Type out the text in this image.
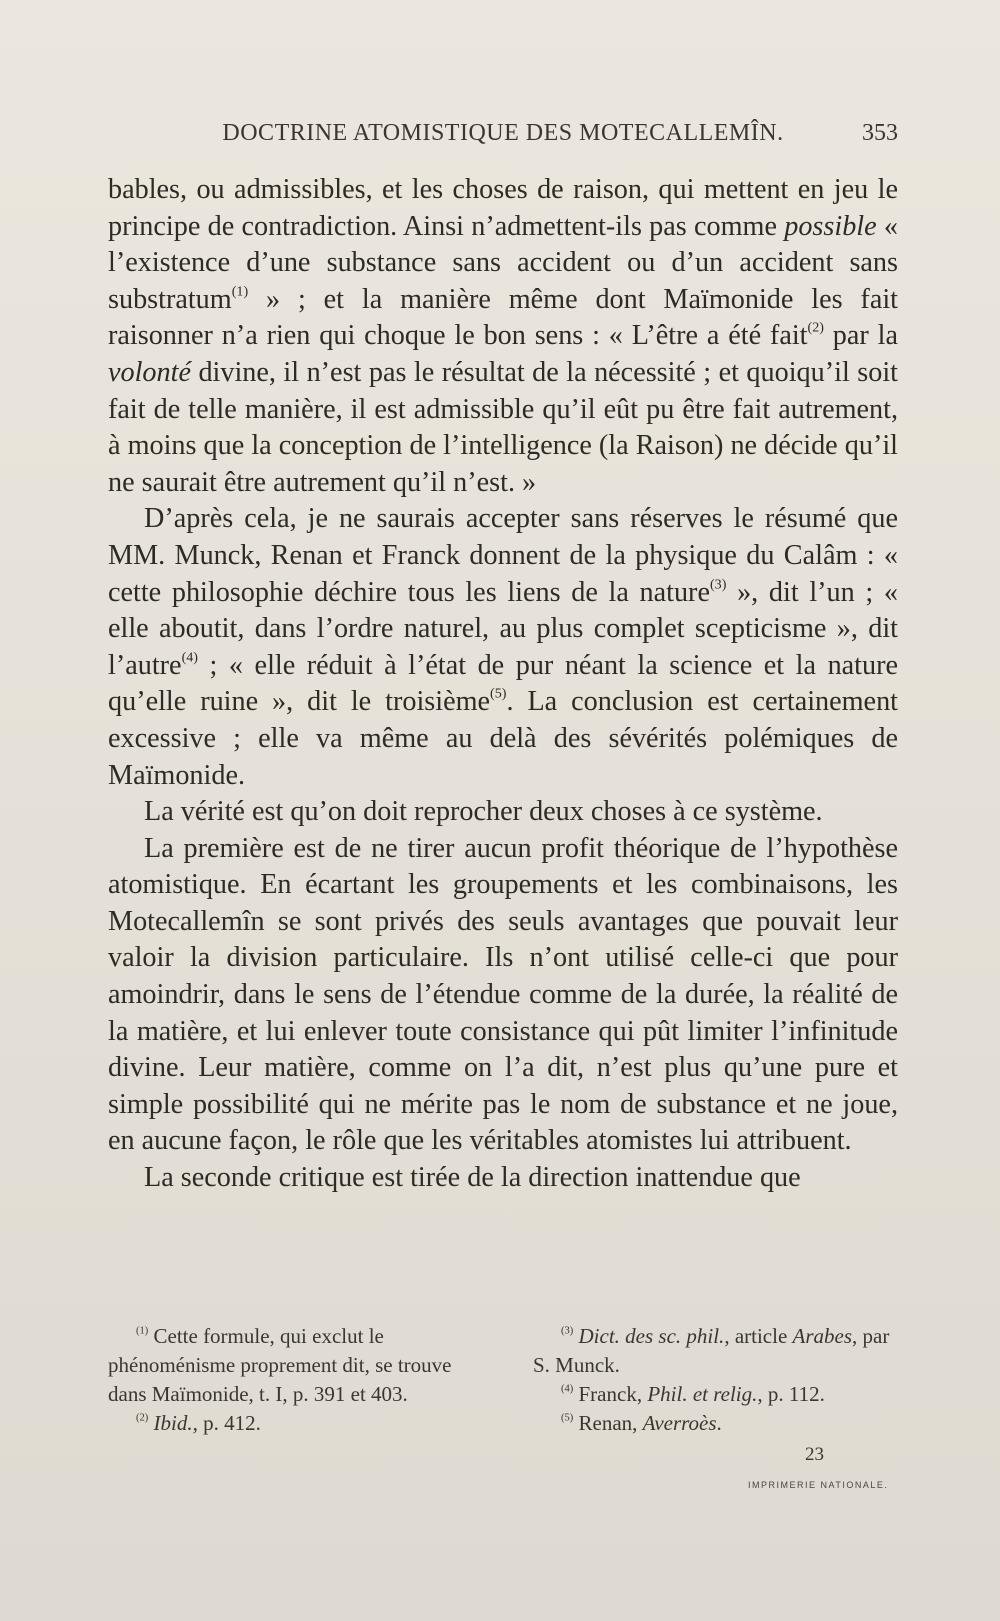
DOCTRINE ATOMISTIQUE DES MOTECALLEMÎN.	353

bables, ou admissibles, et les choses de raison, qui mettent en jeu le principe de contradiction. Ainsi n’admettent-ils pas comme possible « l’existence d’une substance sans accident ou d’un accident sans substratum$^{(1)}$ » ; et la manière même dont Maïmonide les fait raisonner n’a rien qui choque le bon sens : « L’être a été fait$^{(2)}$ par la volonté divine, il n’est pas le résultat de la nécessité ; et quoiqu’il soit fait de telle manière, il est admissible qu’il eût pu être fait autrement, à moins que la conception de l’intelligence (la Raison) ne décide qu’il ne saurait être autrement qu’il n’est. »

D’après cela, je ne saurais accepter sans réserves le résumé que MM. Munck, Renan et Franck donnent de la physique du Calâm : « cette philosophie déchire tous les liens de la nature$^{(3)}$ », dit l’un ; « elle aboutit, dans l’ordre naturel, au plus complet scepticisme », dit l’autre$^{(4)}$ ; « elle réduit à l’état de pur néant la science et la nature qu’elle ruine », dit le troisième$^{(5)}$. La conclusion est certainement excessive ; elle va même au delà des sévérités polémiques de Maïmonide.

La vérité est qu’on doit reprocher deux choses à ce système.

La première est de ne tirer aucun profit théorique de l’hypothèse atomistique. En écartant les groupements et les combinaisons, les Motecallemîn se sont privés des seuls avantages que pouvait leur valoir la division particulaire. Ils n’ont utilisé celle-ci que pour amoindrir, dans le sens de l’étendue comme de la durée, la réalité de la matière, et lui enlever toute consistance qui pût limiter l’infinitude divine. Leur matière, comme on l’a dit, n’est plus qu’une pure et simple possibilité qui ne mérite pas le nom de substance et ne joue, en aucune façon, le rôle que les véritables atomistes lui attribuent.

La seconde critique est tirée de la direction inattendue que

$^{(1)}$ Cette formule, qui exclut le phénoménisme proprement dit, se trouve dans Maïmonide, t. I, p. 391 et 403.

$^{(2)}$ Ibid., p. 412.

$^{(3)}$ Dict. des sc. phil., article Arabes, par S. Munck.

$^{(4)}$ Franck, Phil. et relig., p. 112.

$^{(5)}$ Renan, Averroès.

23
IMPRIMERIE NATIONALE.
